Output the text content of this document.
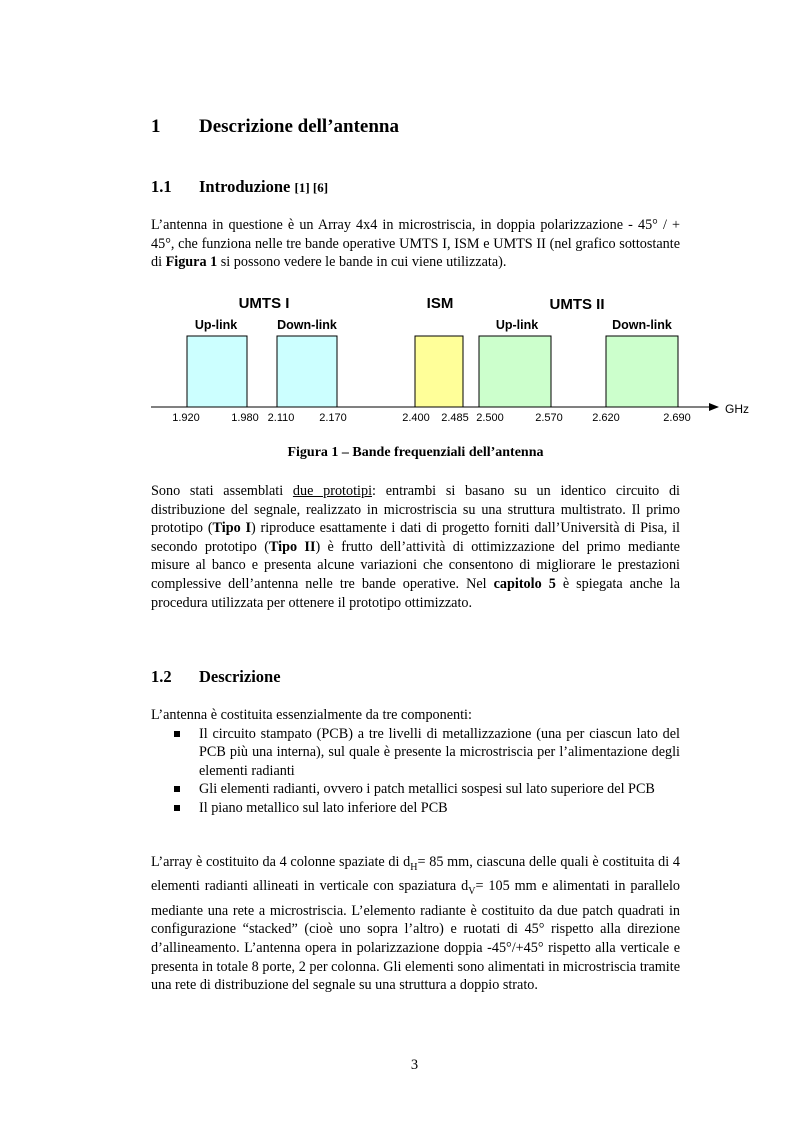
1 Descrizione dell’antenna
1.1 Introduzione [1] [6]
L’antenna in questione è un Array 4x4 in microstriscia, in doppia polarizzazione - 45° / + 45°, che funziona nelle tre bande operative UMTS I, ISM e UMTS II (nel grafico sottostante di Figura 1 si possono vedere le bande in cui viene utilizzata).
UMTS I	ISM	UMTS II
Up-link	Down-link	Up-link	Down-link
GHz
1.920	1.980 2.110 2.170	2.400 2.485 2.500	2.570	2.620	2.690
Figura 1 – Bande frequenziali dell’antenna
Sono stati assemblati due prototipi: entrambi si basano su un identico circuito di distribuzione del segnale, realizzato in microstriscia su una struttura multistrato. Il primo prototipo (Tipo I) riproduce esattamente i dati di progetto forniti dall’Università di Pisa, il secondo prototipo (Tipo II) è frutto dell’attività di ottimizzazione del primo mediante misure al banco e presenta alcune variazioni che consentono di migliorare le prestazioni complessive dell’antenna nelle tre bande operative. Nel capitolo 5 è spiegata anche la procedura utilizzata per ottenere il prototipo ottimizzato.
1.2 Descrizione
L’antenna è costituita essenzialmente da tre componenti:
Il circuito stampato (PCB) a tre livelli di metallizzazione (una per ciascun lato del PCB più una interna), sul quale è presente la microstriscia per l’alimentazione degli elementi radianti
Gli elementi radianti, ovvero i patch metallici sospesi sul lato superiore del PCB
Il piano metallico sul lato inferiore del PCB
L’array è costituito da 4 colonne spaziate di $d_H= 85$ mm, ciascuna delle quali è costituita di 4 elementi radianti allineati in verticale con spaziatura $d_V= 105$ mm e alimentati in parallelo mediante una rete a microstriscia. L’elemento radiante è costituito da due patch quadrati in configurazione “stacked” (cioè uno sopra l’altro) e ruotati di 45° rispetto alla direzione d’allineamento. L’antenna opera in polarizzazione doppia -45°/+45° rispetto alla verticale e presenta in totale 8 porte, 2 per colonna. Gli elementi sono alimentati in microstriscia tramite una rete di distribuzione del segnale su una struttura a doppio strato.
3
